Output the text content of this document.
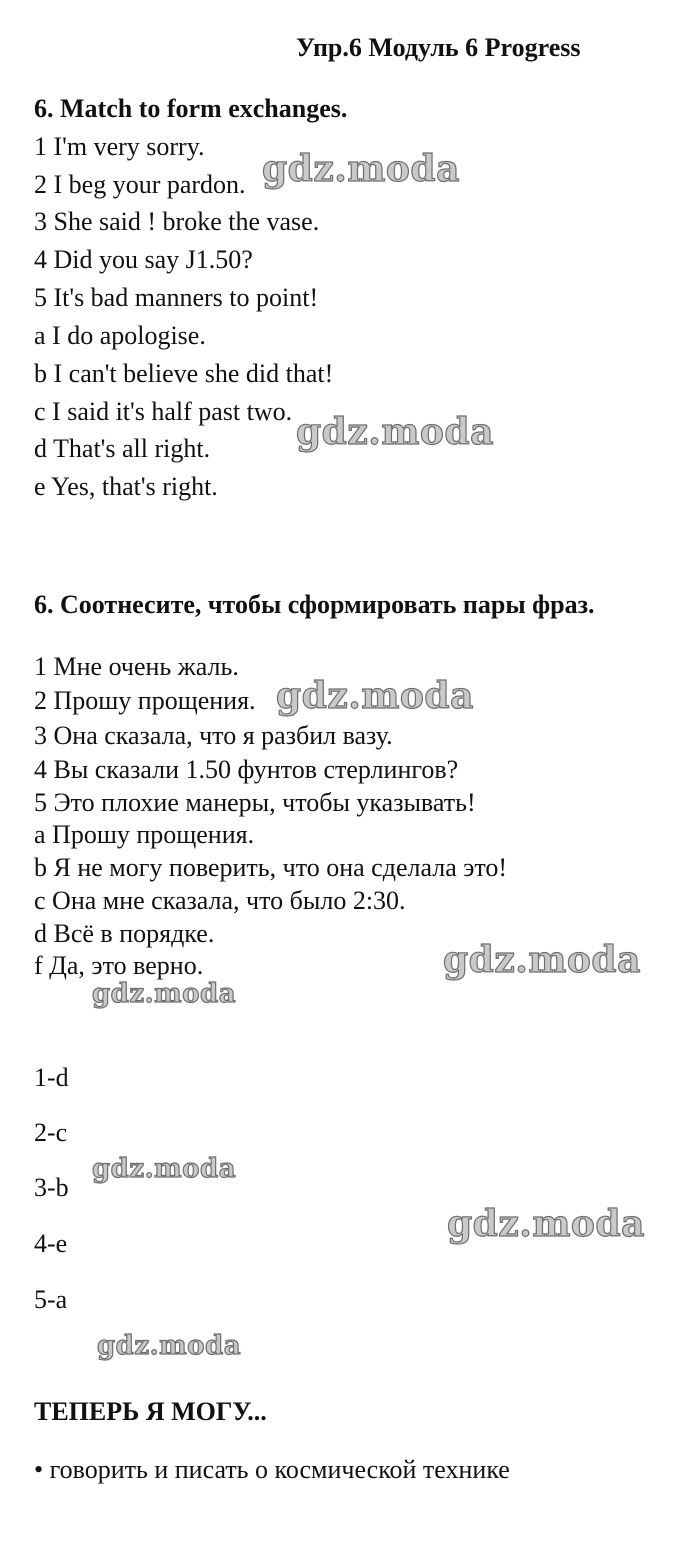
Упр.6 Модуль 6 Progress
6. Match to form exchanges.
1 I'm very sorry.
2 I beg your pardon.
3 She said ! broke the vase.
4 Did you say J1.50?
5 It's bad manners to point!
a I do apologise.
b I can't believe she did that!
c I said it's half past two.
d That's all right.
e Yes, that's right.
6. Соотнесите, чтобы сформировать пары фраз.
1 Мне очень жаль.
2 Прошу прощения.
3 Она сказала, что я разбил вазу.
4 Вы сказали 1.50 фунтов стерлингов?
5 Это плохие манеры, чтобы указывать!
a Прошу прощения.
b Я не могу поверить, что она сделала это!
c Она мне сказала, что было 2:30.
d Всё в порядке.
f Да, это верно.
1-d
2-c
3-b
4-e
5-a
ТЕПЕРЬ Я МОГУ...
• говорить и писать о космической технике
gdz.moda
gdz.moda
gdz.moda
gdz.moda
gdz.moda
gdz.moda
gdz.moda
gdz.moda
